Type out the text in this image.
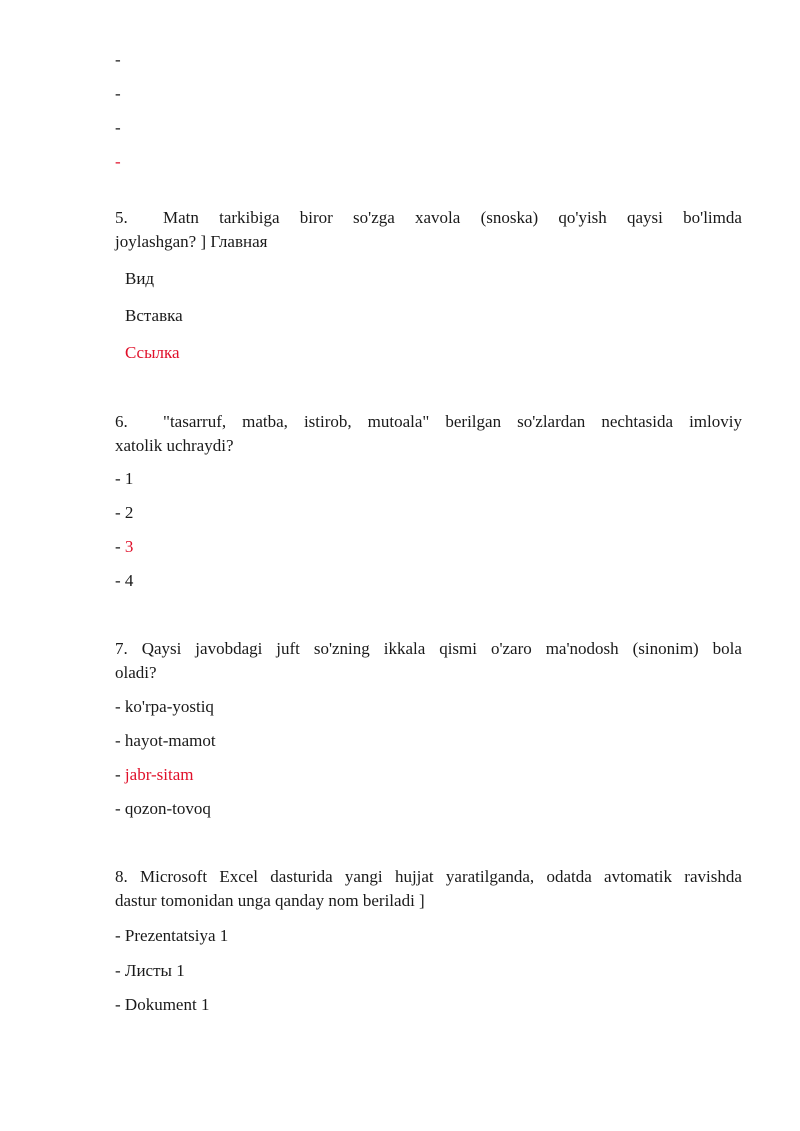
-
-
-
-
5.	Matn tarkibiga biror so'zga xavola (snoska) qo'yish qaysi bo'limda
joylashgan? ] Главная
Вид
Вставка
Ссылка
6.	"tasarruf, matba, istirob, mutoala" berilgan so'zlardan nechtasida imloviy
xatolik uchraydi?
- 1
- 2
- 3
- 4
7. Qaysi javobdagi juft so'zning ikkala qismi o'zaro ma'nodosh (sinonim) bola
oladi?
- ko'rpa-yostiq
- hayot-mamot
- jabr-sitam
- qozon-tovoq
8. Microsoft Excel dasturida yangi hujjat yaratilganda, odatda avtomatik ravishda
dastur tomonidan unga qanday nom beriladi ]
- Prezentatsiya 1
- Листы 1
- Dokument 1
